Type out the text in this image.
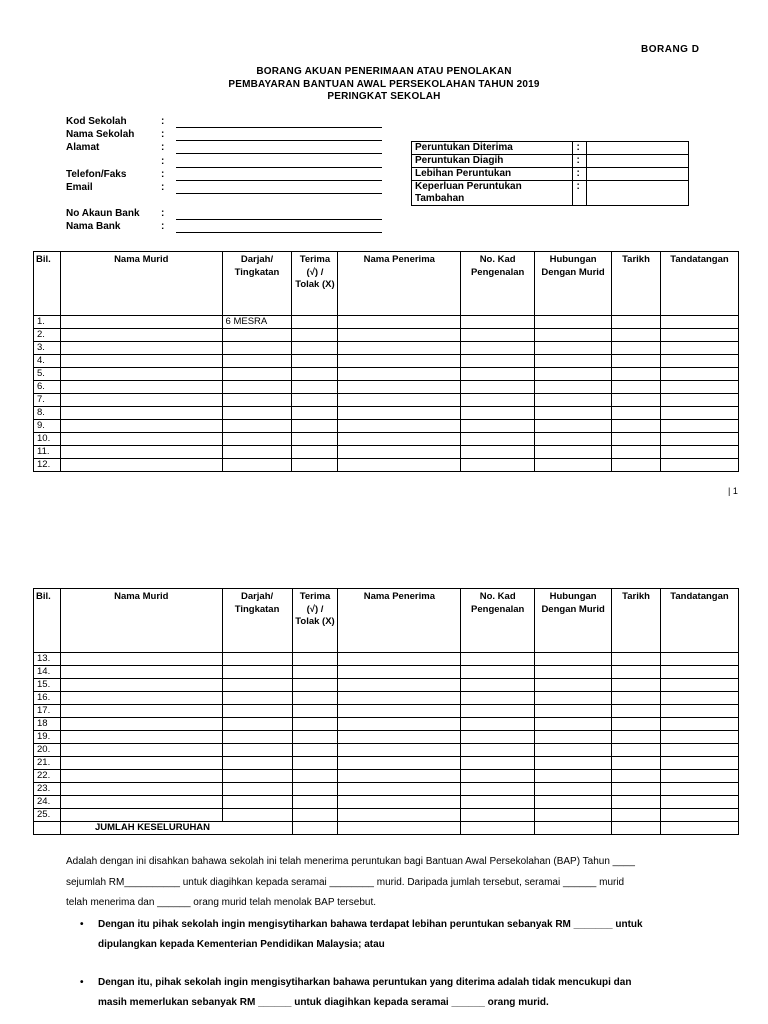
BORANG D
BORANG AKUAN PENERIMAAN ATAU PENOLAKAN
PEMBAYARAN BANTUAN AWAL PERSEKOLAHAN TAHUN 2019
PERINGKAT SEKOLAH
Kod Sekolah	:
Nama Sekolah	:
Alamat	:
:
Telefon/Faks	:
Email	:
No Akaun Bank	:
Nama Bank	:
Peruntukan Diterima	:	
Peruntukan Diagih	:	
Lebihan Peruntukan	:	
Keperluan Peruntukan Tambahan	:	
Bil.	Nama Murid	Darjah/ Tingkatan	Terima (√) / Tolak (X)	Nama Penerima	No. Kad Pengenalan	Hubungan Dengan Murid	Tarikh	Tandatangan
1.		6 MESRA						
2.								
3.								
4.								
5.								
6.								
7.								
8.								
9.								
10.								
11.								
12.								
| 1
Bil.	Nama Murid	Darjah/ Tingkatan	Terima (√) / Tolak (X)	Nama Penerima	No. Kad Pengenalan	Hubungan Dengan Murid	Tarikh	Tandatangan
13.								
14.								
15.								
16.								
17.								
18								
19.								
20.								
21.								
22.								
23.								
24.								
25.								
	JUMLAH KESELURUHAN							
Adalah dengan ini disahkan bahawa sekolah ini telah menerima peruntukan bagi Bantuan Awal Persekolahan (BAP) Tahun ____
sejumlah RM__________ untuk diagihkan kepada seramai ________ murid. Daripada jumlah tersebut, seramai ______ murid
telah menerima dan ______ orang murid telah menolak BAP tersebut.
• Dengan itu pihak sekolah ingin mengisytiharkan bahawa terdapat lebihan peruntukan sebanyak RM _______ untuk
dipulangkan kepada Kementerian Pendidikan Malaysia; atau
• Dengan itu, pihak sekolah ingin mengisytiharkan bahawa peruntukan yang diterima adalah tidak mencukupi dan
masih memerlukan sebanyak RM ______ untuk diagihkan kepada seramai ______ orang murid.
